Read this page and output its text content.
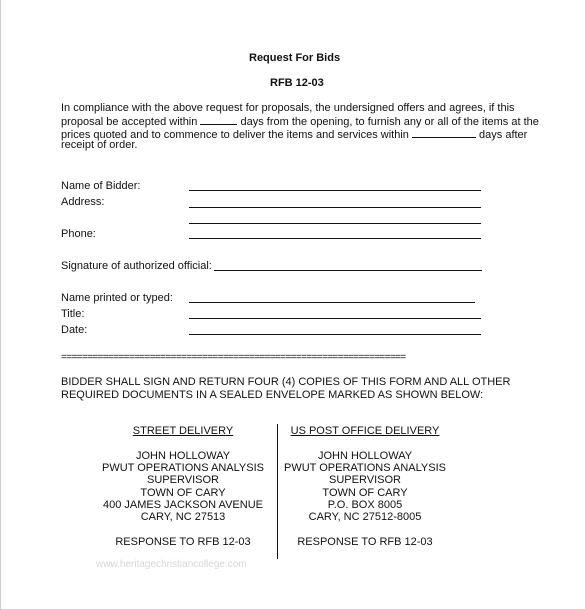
Request For Bids
RFB 12-03
In compliance with the above request for proposals, the undersigned offers and agrees, if this
proposal be accepted within	days from the opening, to furnish any or all of the items at the
prices quoted and to commence to deliver the items and services within	days after
receipt of order.
Name of Bidder:
Address:
Phone:
Signature of authorized official:
Name printed or typed:
Title:
Date:
==================================================================
BIDDER SHALL SIGN AND RETURN FOUR (4) COPIES OF THIS FORM AND ALL OTHER
REQUIRED DOCUMENTS IN A SEALED ENVELOPE MARKED AS SHOWN BELOW:
STREET DELIVERY
JOHN HOLLOWAY
PWUT OPERATIONS ANALYSIS
SUPERVISOR
TOWN OF CARY
400 JAMES JACKSON AVENUE
CARY, NC 27513
RESPONSE TO RFB 12-03
US POST OFFICE DELIVERY
JOHN HOLLOWAY
PWUT OPERATIONS ANALYSIS
SUPERVISOR
TOWN OF CARY
P.O. BOX 8005
CARY, NC 27512-8005
RESPONSE TO RFB 12-03
www.heritagechristiancollege.com
